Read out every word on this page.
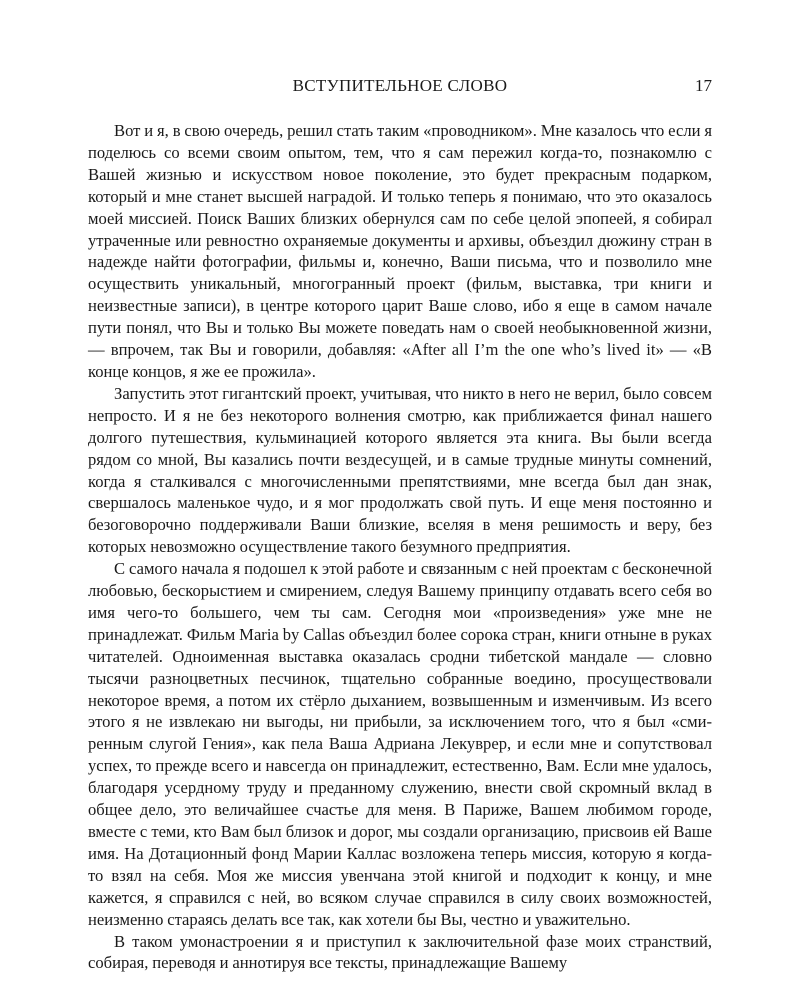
ВСТУПИТЕЛЬНОЕ СЛОВО	17

Вот и я, в свою очередь, решил стать таким «проводником». Мне казалось что если я поделюсь со всеми своим опытом, тем, что я сам пережил когда-то, познакомлю с Вашей жизнью и искусством новое поколение, это будет прекрасным подарком, который и мне станет высшей наградой. И только теперь я понимаю, что это оказалось моей миссией. Поиск Ваших близких обернулся сам по себе целой эпопеей, я собирал утраченные или ревностно охраняемые документы и архивы, объездил дюжину стран в надежде найти фотографии, фильмы и, конечно, Ваши письма, что и позволило мне осуществить уникальный, многогранный проект (фильм, выставка, три книги и неизвестные записи), в центре которого царит Ваше слово, ибо я еще в самом начале пути понял, что Вы и только Вы можете поведать нам о своей необыкновенной жизни, — впрочем, так Вы и говорили, добавляя: «After all I’m the one who’s lived it» — «В конце концов, я же ее прожила».

Запустить этот гигантский проект, учитывая, что никто в него не верил, было совсем непросто. И я не без некоторого волнения смотрю, как приближается финал нашего долгого путешествия, кульминацией которого является эта книга. Вы были всегда рядом со мной, Вы казались почти вездесущей, и в самые трудные минуты сомнений, когда я сталкивался с многочисленными препятствиями, мне всегда был дан знак, свершалось маленькое чудо, и я мог продолжать свой путь. И еще меня постоянно и безоговорочно поддерживали Ваши близкие, вселяя в меня решимость и веру, без которых невозможно осуществление такого безумного предприятия.

С самого начала я подошел к этой работе и связанным с ней проектам с бесконечной любовью, бескорыстием и смирением, следуя Вашему принципу отдавать всего себя во имя чего-то большего, чем ты сам. Сегодня мои «произведения» уже мне не принадлежат. Фильм Maria by Callas объездил более сорока стран, книги отныне в руках читателей. Одноименная выставка оказалась сродни тибетской мандале — словно тысячи разноцветных песчинок, тщательно собранные воедино, просуществовали некоторое время, а потом их стёрло дыханием, возвышенным и изменчивым. Из всего этого я не извлекаю ни выгоды, ни прибыли, за исключением того, что я был «смиренным слугой Гения», как пела Ваша Адриана Лекуврер, и если мне и сопутствовал успех, то прежде всего и навсегда он принадлежит, естественно, Вам. Если мне удалось, благодаря усердному труду и преданному служению, внести свой скромный вклад в общее дело, это величайшее счастье для меня. В Париже, Вашем любимом городе, вместе с теми, кто Вам был близок и дорог, мы создали организацию, присвоив ей Ваше имя. На Дотационный фонд Марии Каллас возложена теперь миссия, которую я когда-то взял на себя. Моя же миссия увенчана этой книгой и подходит к концу, и мне кажется, я справился с ней, во всяком случае справился в силу своих возможностей, неизменно стараясь делать все так, как хотели бы Вы, честно и уважительно.

В таком умонастроении я и приступил к заключительной фазе моих странствий, собирая, переводя и аннотируя все тексты, принадлежащие Вашему
